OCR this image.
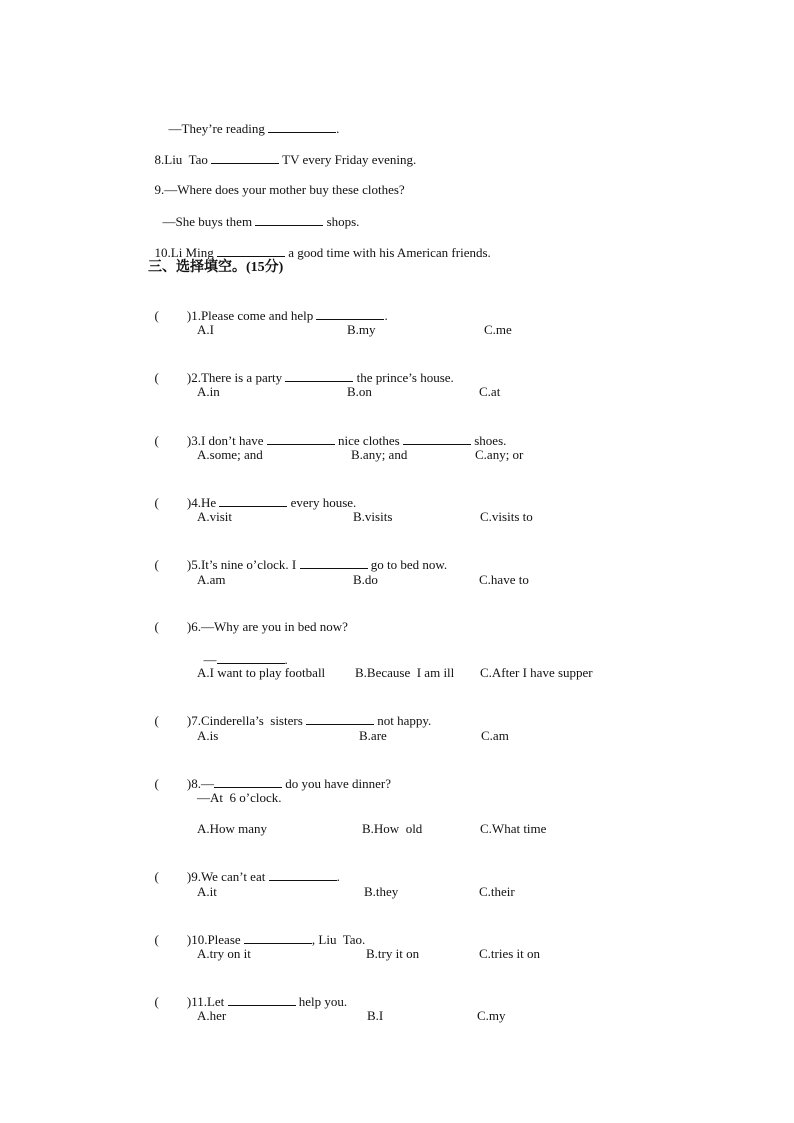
—They’re reading	.

8.Liu  Tao	TV every Friday evening.

9.—Where does your mother buy these clothes?

—She buys them	shops.

10.Li Ming	a good time with his American friends.

三、选择填空。(15分)

( )1.Please come and help	.

A.I	B.my	C.me

( )2.There is a party	the prince’s house.

A.in	B.on	C.at

( )3.I don’t have	nice clothes	shoes.

A.some; and	B.any; and	C.any; or

( )4.He	every house.

A.visit	B.visits	C.visits to

( )5.It’s nine o’clock. I	go to bed now.

A.am	B.do	C.have to

( )6.—Why are you in bed now?

—	.

A.I want to play football B.Because  I am ill C.After I have supper

( )7.Cinderella’s  sisters	not happy.

A.is	B.are	C.am

( )8.—	do you have dinner?

—At  6 o’clock.
A.How many	B.How  old	C.What time

( )9.We can’t eat	.

A.it	B.they	C.their

( )10.Please	, Liu  Tao.

A.try on it	B.try it on	C.tries it on

( )11.Let	help you.

A.her	B.I	C.my
